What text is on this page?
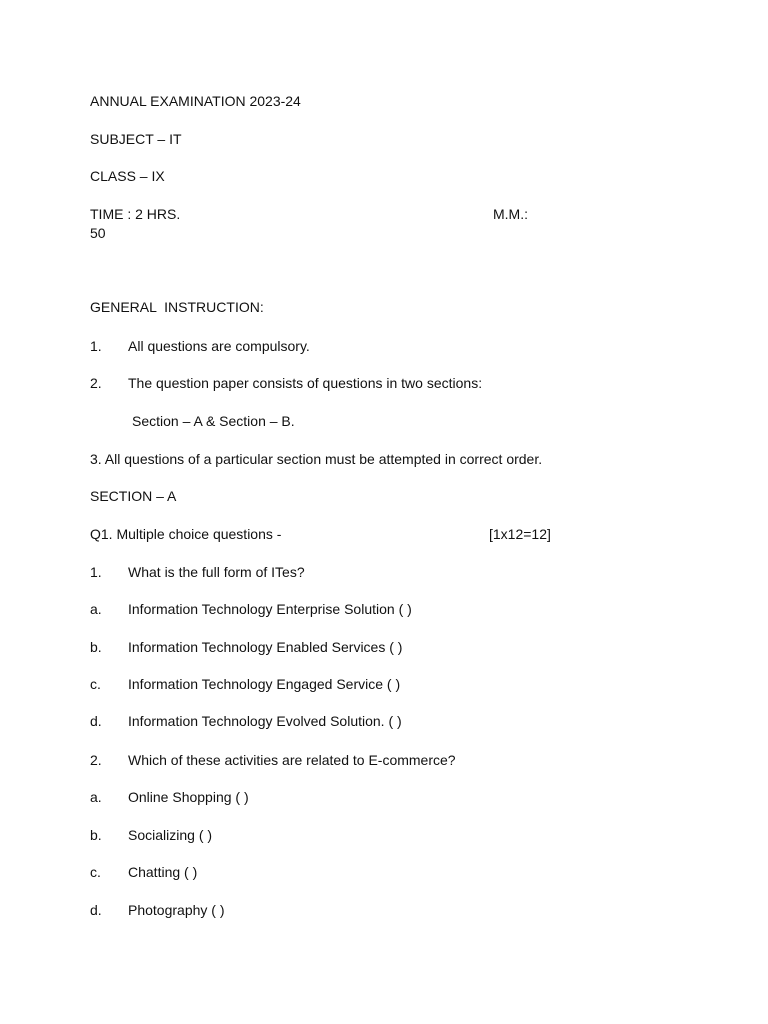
ANNUAL EXAMINATION 2023-24
SUBJECT – IT
CLASS – IX
TIME : 2 HRS.	M.M.:
50
GENERAL  INSTRUCTION:
1. All questions are compulsory.
2. The question paper consists of questions in two sections:
Section – A & Section – B.
3. All questions of a particular section must be attempted in correct order.
SECTION – A
Q1. Multiple choice questions -	[1x12=12]
1. What is the full form of ITes?
a. Information Technology Enterprise Solution ( )
b. Information Technology Enabled Services ( )
c. Information Technology Engaged Service ( )
d. Information Technology Evolved Solution. ( )
2. Which of these activities are related to E-commerce?
a. Online Shopping ( )
b. Socializing ( )
c. Chatting ( )
d. Photography ( )
